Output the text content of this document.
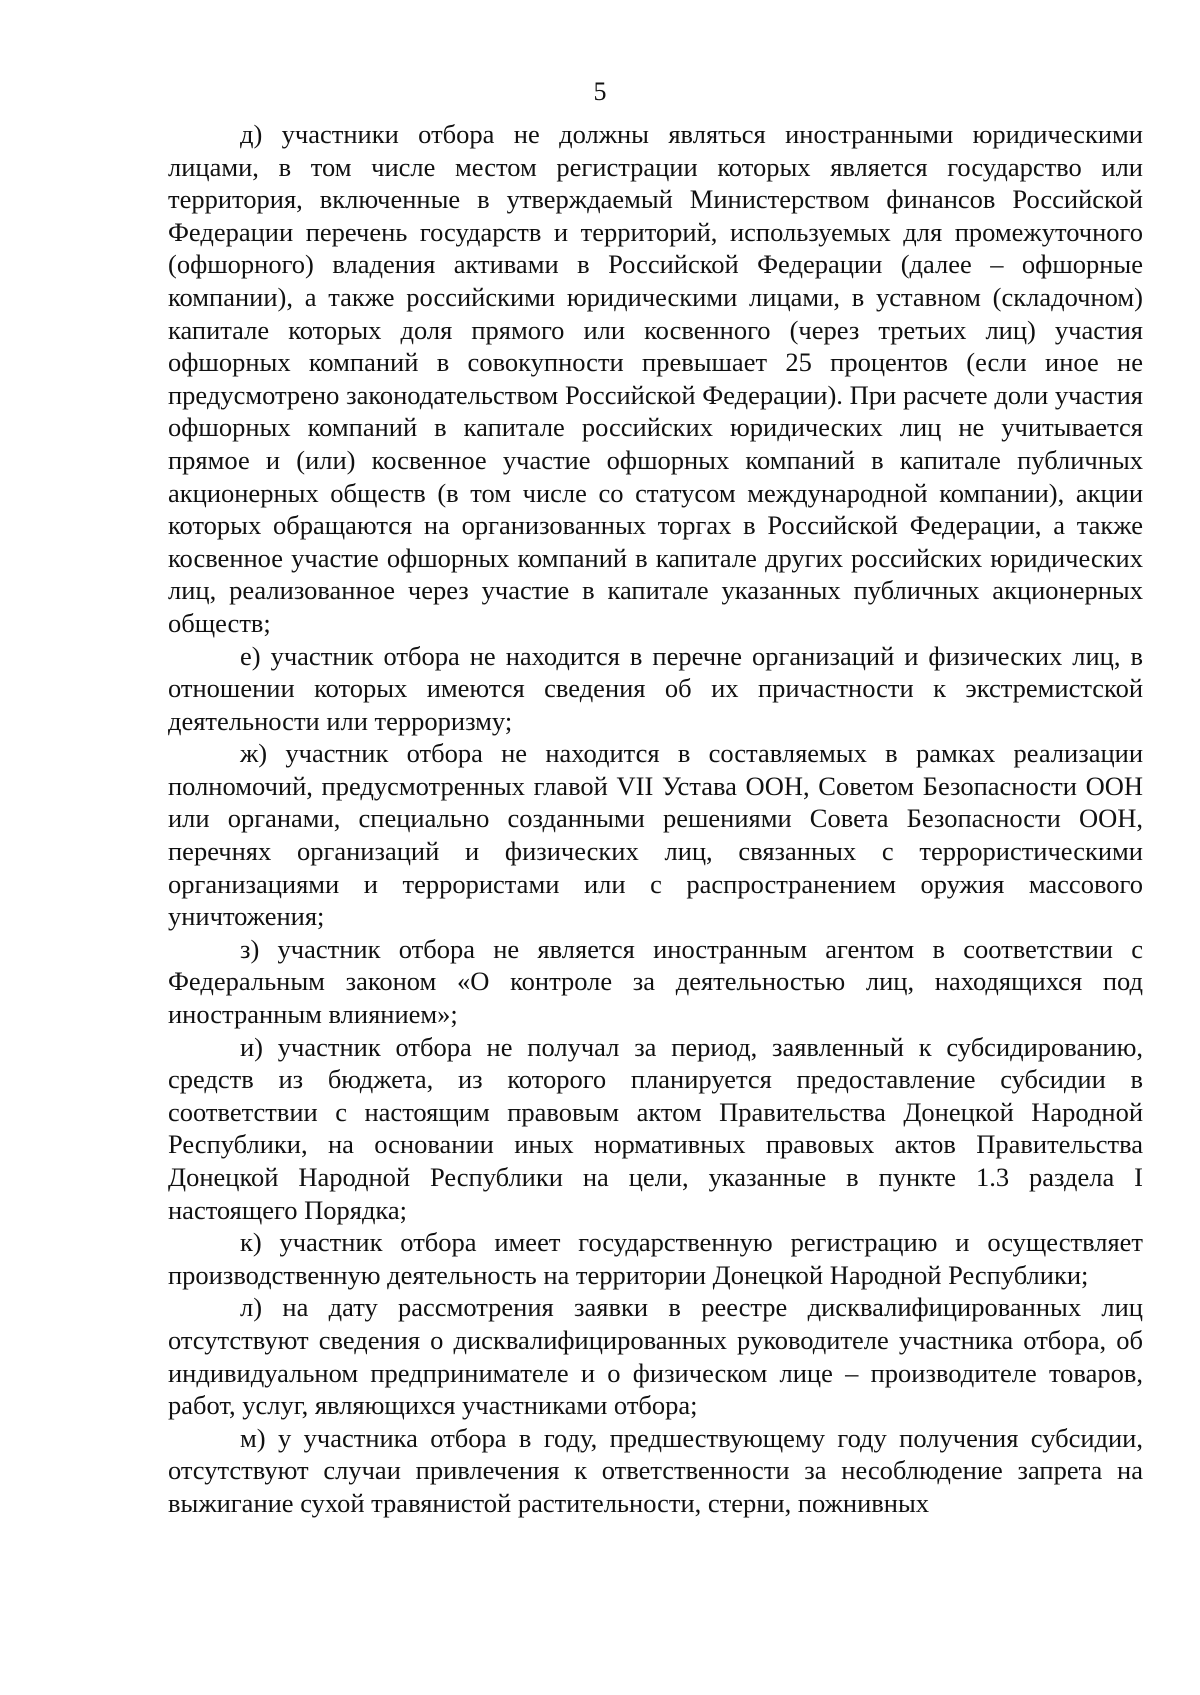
5

д) участники отбора не должны являться иностранными юридическими лицами, в том числе местом регистрации которых является государство или территория, включенные в утверждаемый Министерством финансов Российской Федерации перечень государств и территорий, используемых для промежуточного (офшорного) владения активами в Российской Федерации (далее – офшорные компании), а также российскими юридическими лицами, в уставном (складочном) капитале которых доля прямого или косвенного (через третьих лиц) участия офшорных компаний в совокупности превышает 25 процентов (если иное не предусмотрено законодательством Российской Федерации). При расчете доли участия офшорных компаний в капитале российских юридических лиц не учитывается прямое и (или) косвенное участие офшорных компаний в капитале публичных акционерных обществ (в том числе со статусом международной компании), акции которых обращаются на организованных торгах в Российской Федерации, а также косвенное участие офшорных компаний в капитале других российских юридических лиц, реализованное через участие в капитале указанных публичных акционерных обществ;

е) участник отбора не находится в перечне организаций и физических лиц, в отношении которых имеются сведения об их причастности к экстремистской деятельности или терроризму;

ж) участник отбора не находится в составляемых в рамках реализации полномочий, предусмотренных главой VII Устава ООН, Советом Безопасности ООН или органами, специально созданными решениями Совета Безопасности ООН, перечнях организаций и физических лиц, связанных с террористическими организациями и террористами или с распространением оружия массового уничтожения;

з) участник отбора не является иностранным агентом в соответствии с Федеральным законом «О контроле за деятельностью лиц, находящихся под иностранным влиянием»;

и) участник отбора не получал за период, заявленный к субсидированию, средств из бюджета, из которого планируется предоставление субсидии в соответствии с настоящим правовым актом Правительства Донецкой Народной Республики, на основании иных нормативных правовых актов Правительства Донецкой Народной Республики на цели, указанные в пункте 1.3 раздела I настоящего Порядка;

к) участник отбора имеет государственную регистрацию и осуществляет производственную деятельность на территории Донецкой Народной Республики;

л) на дату рассмотрения заявки в реестре дисквалифицированных лиц отсутствуют сведения о дисквалифицированных руководителе участника отбора, об индивидуальном предпринимателе и о физическом лице – производителе товаров, работ, услуг, являющихся участниками отбора;

м) у участника отбора в году, предшествующему году получения субсидии, отсутствуют случаи привлечения к ответственности за несоблюдение запрета на выжигание сухой травянистой растительности, стерни, пожнивных
